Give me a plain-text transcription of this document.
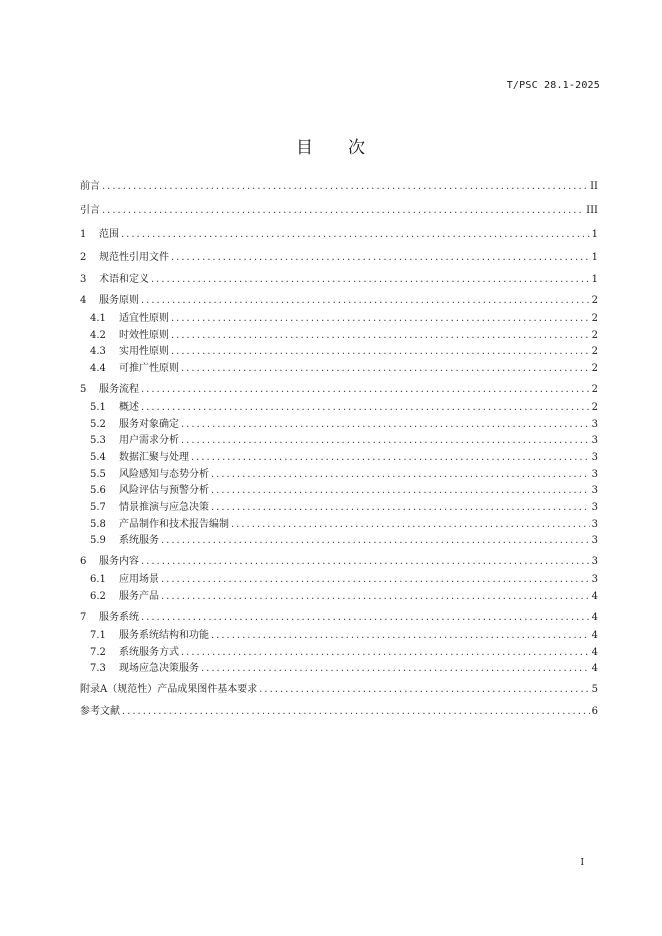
T/PSC 28.1-2025
目 次
前言 .....	II
引言 .....	III
1	范围 .....	1
2	规范性引用文件 .....	1
3	术语和定义 .....	1
4	服务原则 .....	2
4.1	适宜性原则 .....	2
4.2	时效性原则 .....	2
4.3	实用性原则 .....	2
4.4	可推广性原则 .....	2
5	服务流程 .....	2
5.1	概述 .....	2
5.2	服务对象确定 .....	3
5.3	用户需求分析 .....	3
5.4	数据汇聚与处理 .....	3
5.5	风险感知与态势分析 .....	3
5.6	风险评估与预警分析 .....	3
5.7	情景推演与应急决策 .....	3
5.8	产品制作和技术报告编制 .....	3
5.9	系统服务 .....	3
6	服务内容 .....	3
6.1	应用场景 .....	3
6.2	服务产品 .....	4
7	服务系统 .....	4
7.1	服务系统结构和功能 .....	4
7.2	系统服务方式 .....	4
7.3	现场应急决策服务 .....	4
附录A（规范性）产品成果图件基本要求 .....	5
参考文献 .....	6
I
